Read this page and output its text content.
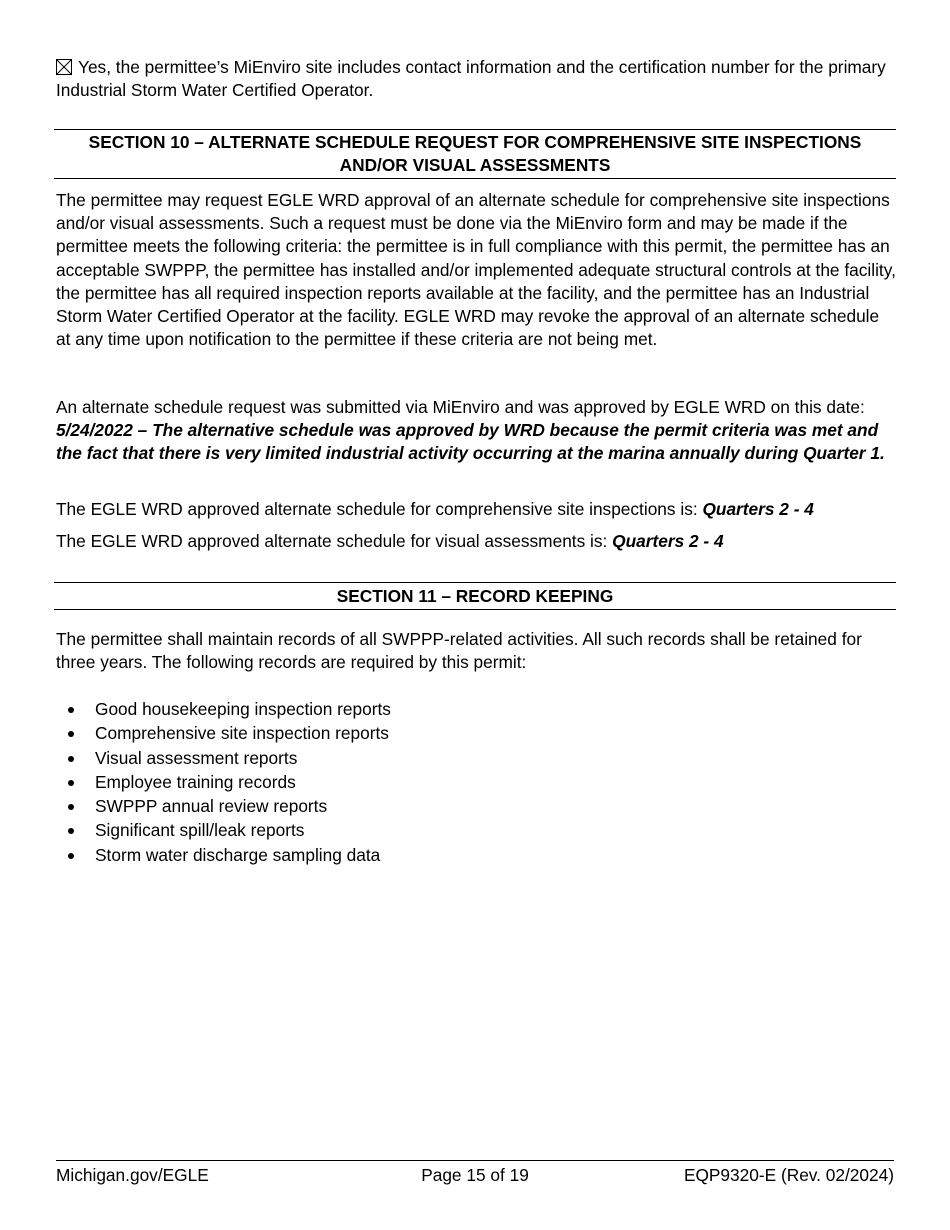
Yes, the permittee’s MiEnviro site includes contact information and the certification number for the primary Industrial Storm Water Certified Operator.
SECTION 10 – ALTERNATE SCHEDULE REQUEST FOR COMPREHENSIVE SITE INSPECTIONS
AND/OR VISUAL ASSESSMENTS
The permittee may request EGLE WRD approval of an alternate schedule for comprehensive site inspections and/or visual assessments. Such a request must be done via the MiEnviro form and may be made if the permittee meets the following criteria: the permittee is in full compliance with this permit, the permittee has an acceptable SWPPP, the permittee has installed and/or implemented adequate structural controls at the facility, the permittee has all required inspection reports available at the facility, and the permittee has an Industrial Storm Water Certified Operator at the facility. EGLE WRD may revoke the approval of an alternate schedule at any time upon notification to the permittee if these criteria are not being met.
An alternate schedule request was submitted via MiEnviro and was approved by EGLE WRD on this date: 5/24/2022 – The alternative schedule was approved by WRD because the permit criteria was met and the fact that there is very limited industrial activity occurring at the marina annually during Quarter 1.
The EGLE WRD approved alternate schedule for comprehensive site inspections is: Quarters 2 - 4
The EGLE WRD approved alternate schedule for visual assessments is: Quarters 2 - 4
SECTION 11 – RECORD KEEPING
The permittee shall maintain records of all SWPPP-related activities. All such records shall be retained for three years. The following records are required by this permit:
Good housekeeping inspection reports
Comprehensive site inspection reports
Visual assessment reports
Employee training records
SWPPP annual review reports
Significant spill/leak reports
Storm water discharge sampling data
Michigan.gov/EGLE	Page 15 of 19	EQP9320-E (Rev. 02/2024)
